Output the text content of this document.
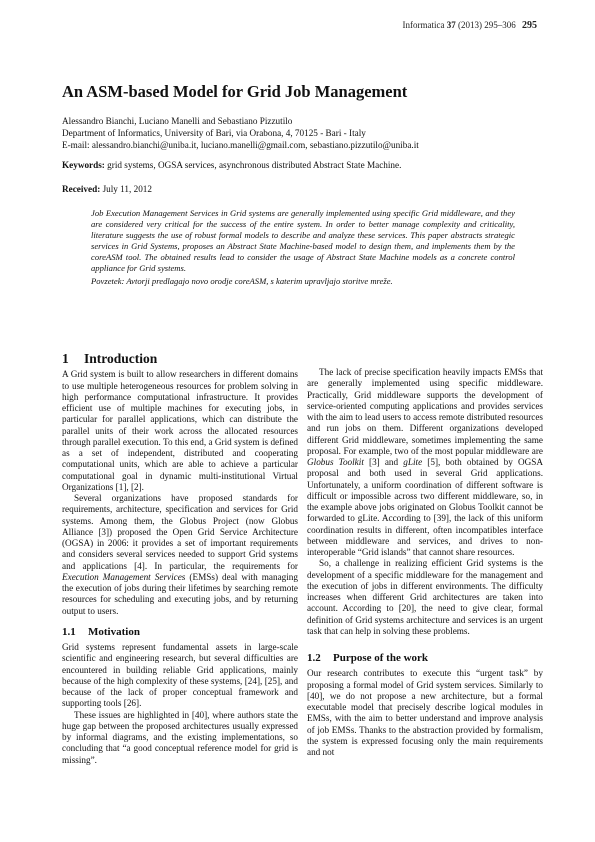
Informatica 37 (2013) 295–306 295
An ASM-based Model for Grid Job Management
Alessandro Bianchi, Luciano Manelli and Sebastiano Pizzutilo
Department of Informatics, University of Bari, via Orabona, 4, 70125 - Bari - Italy
E-mail: alessandro.bianchi@uniba.it, luciano.manelli@gmail.com, sebastiano.pizzutilo@uniba.it
Keywords: grid systems, OGSA services, asynchronous distributed Abstract State Machine.
Received: July 11, 2012

Job Execution Management Services in Grid systems are generally implemented using specific Grid middleware, and they are considered very critical for the success of the entire system. In order to better manage complexity and criticality, literature suggests the use of robust formal models to describe and analyze these services. This paper abstracts strategic services in Grid Systems, proposes an Abstract State Machine-based model to design them, and implements them by the coreASM tool. The obtained results lead to consider the usage of Abstract State Machine models as a concrete control appliance for Grid systems.

Povzetek: Avtorji predlagajo novo orodje coreASM, s katerim upravljajo storitve mreže.

1 Introduction

A Grid system is built to allow researchers in different domains to use multiple heterogeneous resources for problem solving in high performance computational infrastructure. It provides efficient use of multiple machines for executing jobs, in particular for parallel applications, which can distribute the parallel units of their work across the allocated resources through parallel execution. To this end, a Grid system is defined as a set of independent, distributed and cooperating computational units, which are able to achieve a particular computational goal in dynamic multi-institutional Virtual Organizations [1], [2].

Several organizations have proposed standards for requirements, architecture, specification and services for Grid systems. Among them, the Globus Project (now Globus Alliance [3]) proposed the Open Grid Service Architecture (OGSA) in 2006: it provides a set of important requirements and considers several services needed to support Grid systems and applications [4]. In particular, the requirements for Execution Management Services (EMSs) deal with managing the execution of jobs during their lifetimes by searching remote resources for scheduling and executing jobs, and by returning output to users.

1.1 Motivation

Grid systems represent fundamental assets in large-scale scientific and engineering research, but several difficulties are encountered in building reliable Grid applications, mainly because of the high complexity of these systems, [24], [25], and because of the lack of proper conceptual framework and supporting tools [26].

These issues are highlighted in [40], where authors state the huge gap between the proposed architectures usually expressed by informal diagrams, and the existing implementations, so concluding that “a good conceptual reference model for grid is missing”.

The lack of precise specification heavily impacts EMSs that are generally implemented using specific middleware. Practically, Grid middleware supports the development of service-oriented computing applications and provides services with the aim to lead users to access remote distributed resources and run jobs on them. Different organizations developed different Grid middleware, sometimes implementing the same proposal. For example, two of the most popular middleware are Globus Toolkit [3] and gLite [5], both obtained by OGSA proposal and both used in several Grid applications. Unfortunately, a uniform coordination of different software is difficult or impossible across two different middleware, so, in the example above jobs originated on Globus Toolkit cannot be forwarded to gLite. According to [39], the lack of this uniform coordination results in different, often incompatibles interface between middleware and services, and drives to non-interoperable “Grid islands” that cannot share resources.

So, a challenge in realizing efficient Grid systems is the development of a specific middleware for the management and the execution of jobs in different environments. The difficulty increases when different Grid architectures are taken into account. According to [20], the need to give clear, formal definition of Grid systems architecture and services is an urgent task that can help in solving these problems.

1.2 Purpose of the work

Our research contributes to execute this “urgent task” by proposing a formal model of Grid system services. Similarly to [40], we do not propose a new architecture, but a formal executable model that precisely describe logical modules in EMSs, with the aim to better understand and improve analysis of job EMSs. Thanks to the abstraction provided by formalism, the system is expressed focusing only the main requirements and not
